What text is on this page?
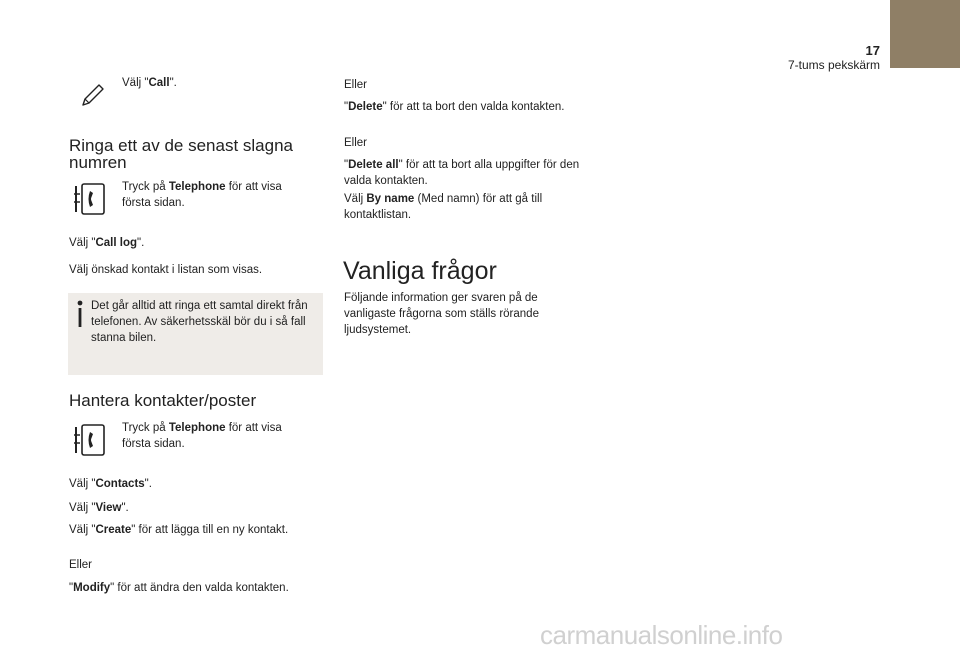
17
7-tums pekskärm
Välj "Call".
Ringa ett av de senast slagna numren
Tryck på Telephone för att visa första sidan.
Välj "Call log".
Välj önskad kontakt i listan som visas.
Det går alltid att ringa ett samtal direkt från telefonen. Av säkerhetsskäl bör du i så fall stanna bilen.
Hantera kontakter/poster
Tryck på Telephone för att visa första sidan.
Välj "Contacts".
Välj "View".
Välj "Create" för att lägga till en ny kontakt.
Eller
"Modify" för att ändra den valda kontakten.
Eller
"Delete" för att ta bort den valda kontakten.
Eller
"Delete all" för att ta bort alla uppgifter för den valda kontakten.
Välj By name (Med namn) för att gå till kontaktlistan.
Vanliga frågor
Följande information ger svaren på de vanligaste frågorna som ställs rörande ljudsystemet.
carmanualsonline.info
